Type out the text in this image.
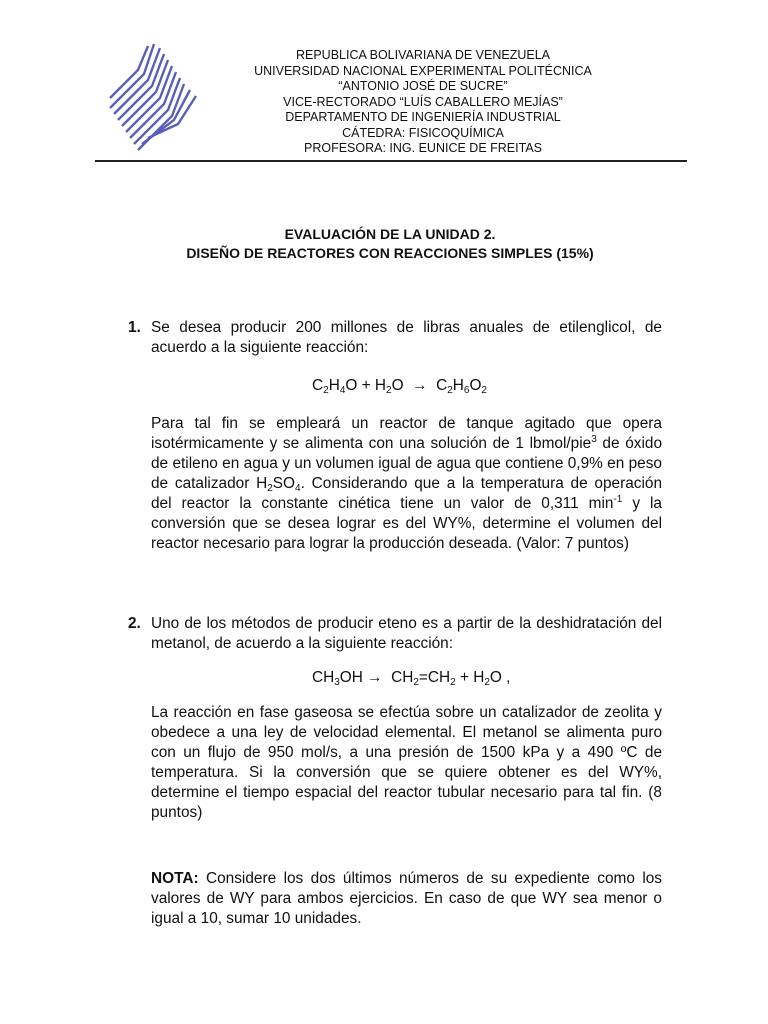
REPUBLICA BOLIVARIANA DE VENEZUELA
UNIVERSIDAD NACIONAL EXPERIMENTAL POLITÉCNICA
“ANTONIO JOSÉ DE SUCRE”
VICE-RECTORADO “LUÍS CABALLERO MEJÍAS”
DEPARTAMENTO DE INGENIERÍA INDUSTRIAL
CÁTEDRA: FISICOQUÍMICA
PROFESORA: ING. EUNICE DE FREITAS
EVALUACIÓN DE LA UNIDAD 2.
DISEÑO DE REACTORES CON REACCIONES SIMPLES (15%)
1. Se desea producir 200 millones de libras anuales de etilenglicol, de acuerdo a la siguiente reacción:
$C_2H_4O + H_2O \to C_2H_6O_2$
Para tal fin se empleará un reactor de tanque agitado que opera isotérmicamente y se alimenta con una solución de 1 lbmol/pie$^3$ de óxido de etileno en agua y un volumen igual de agua que contiene 0,9% en peso de catalizador $H_2SO_4$. Considerando que a la temperatura de operación del reactor la constante cinética tiene un valor de 0,311 $\min^{-1} y$ la conversión que se desea lograr es del WY%, determine el volumen del reactor necesario para lograr la producción deseada. (Valor: 7 puntos)
2. Uno de los métodos de producir eteno es a partir de la deshidratación del metanol, de acuerdo a la siguiente reacción:
$CH_3OH \to CH_2=CH_2 + H_2O$ ,
La reacción en fase gaseosa se efectúa sobre un catalizador de zeolita y obedece a una ley de velocidad elemental. El metanol se alimenta puro con un flujo de 950 mol/s, a una presión de 1500 kPa y a 490 ºC de temperatura. Si la conversión que se quiere obtener es del WY%, determine el tiempo espacial del reactor tubular necesario para tal fin. (8 puntos)
NOTA: Considere los dos últimos números de su expediente como los valores de WY para ambos ejercicios. En caso de que WY sea menor o igual a 10, sumar 10 unidades.
